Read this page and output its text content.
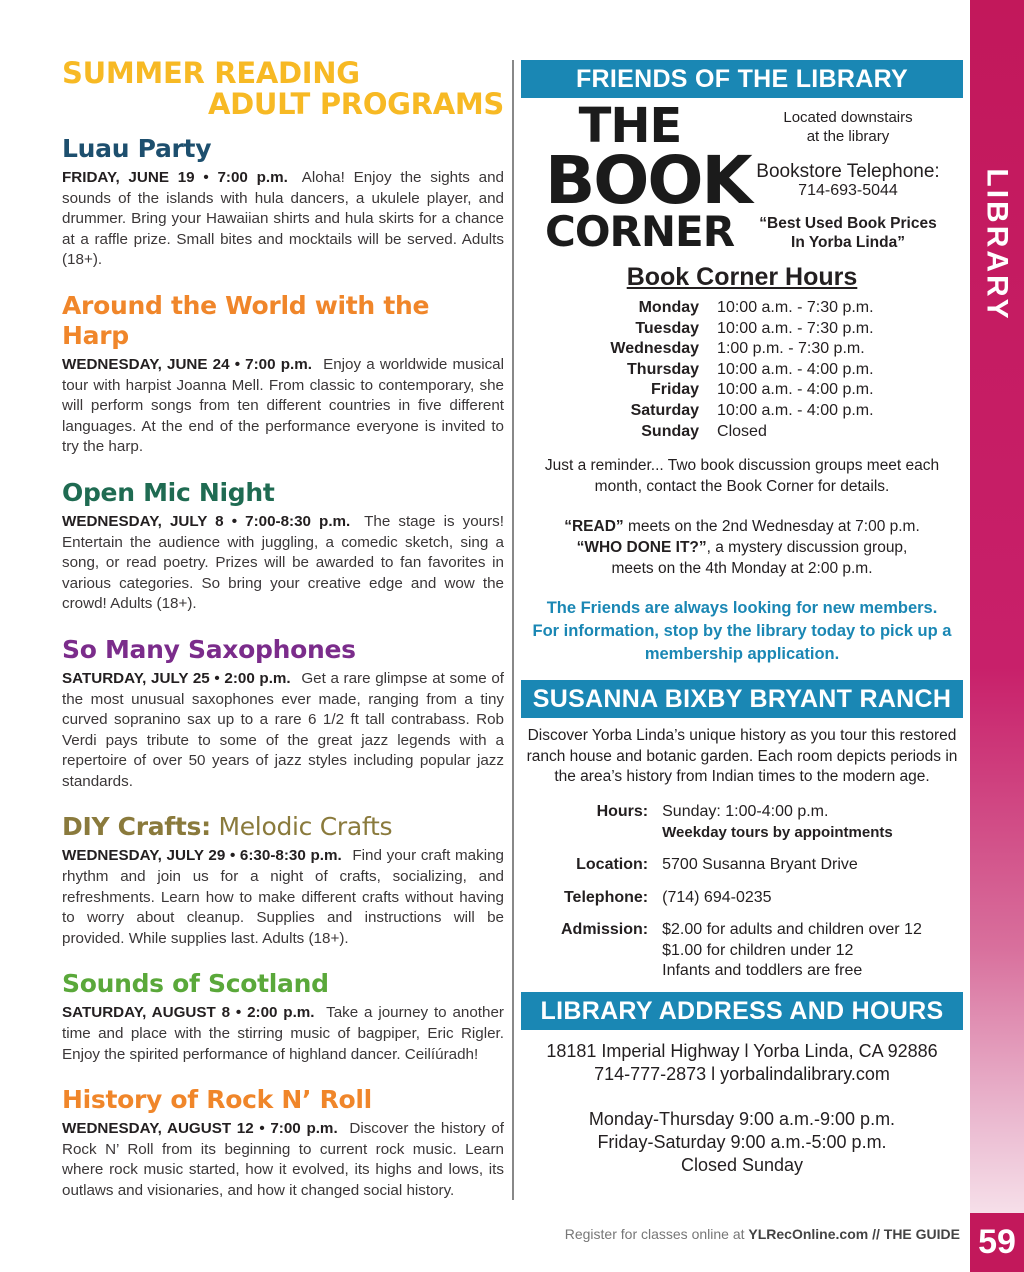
LIBRARY
59
Register for classes online at YLRecOnline.com // THE GUIDE
SUMMER READING
ADULT PROGRAMS
Luau Party

FRIDAY, JUNE 19 • 7:00 p.m. Aloha! Enjoy the sights and sounds of the islands with hula dancers, a ukulele player, and drummer. Bring your Hawaiian shirts and hula skirts for a chance at a raffle prize. Small bites and mocktails will be served. Adults (18+).

Around the World with the Harp

WEDNESDAY, JUNE 24 • 7:00 p.m. Enjoy a worldwide musical tour with harpist Joanna Mell. From classic to contemporary, she will perform songs from ten different countries in five different languages. At the end of the performance everyone is invited to try the harp.

Open Mic Night

WEDNESDAY, JULY 8 • 7:00-8:30 p.m. The stage is yours! Entertain the audience with juggling, a comedic sketch, sing a song, or read poetry. Prizes will be awarded to fan favorites in various categories. So bring your creative edge and wow the crowd! Adults (18+).

So Many Saxophones

SATURDAY, JULY 25 • 2:00 p.m. Get a rare glimpse at some of the most unusual saxophones ever made, ranging from a tiny curved sopranino sax up to a rare 6 1/2 ft tall contrabass. Rob Verdi pays tribute to some of the great jazz legends with a repertoire of over 50 years of jazz styles including popular jazz standards.

DIY Crafts: Melodic Crafts

WEDNESDAY, JULY 29 • 6:30-8:30 p.m. Find your craft making rhythm and join us for a night of crafts, socializing, and refreshments. Learn how to make different crafts without having to worry about cleanup. Supplies and instructions will be provided. While supplies last. Adults (18+).

Sounds of Scotland

SATURDAY, AUGUST 8 • 2:00 p.m. Take a journey to another time and place with the stirring music of bagpiper, Eric Rigler. Enjoy the spirited performance of highland dancer. Ceilíúradh!

History of Rock N’ Roll

WEDNESDAY, AUGUST 12 • 7:00 p.m. Discover the history of Rock N’ Roll from its beginning to current rock music. Learn where rock music started, how it evolved, its highs and lows, its outlaws and visionaries, and how it changed social history.

FRIENDS OF THE LIBRARY
THE
BOOK
CORNER
Located downstairs
at the library
Bookstore Telephone:
714-693-5044
“Best Used Book Prices
In Yorba Linda”
Book Corner Hours
Monday	10:00 a.m. - 7:30 p.m.
Tuesday	10:00 a.m. - 7:30 p.m.
Wednesday	1:00 p.m. - 7:30 p.m.
Thursday	10:00 a.m. - 4:00 p.m.
Friday	10:00 a.m. - 4:00 p.m.
Saturday	10:00 a.m. - 4:00 p.m.
Sunday	Closed
Just a reminder... Two book discussion groups meet each month, contact the Book Corner for details.
“READ” meets on the 2nd Wednesday at 7:00 p.m.
“WHO DONE IT?”, a mystery discussion group,
meets on the 4th Monday at 2:00 p.m.
The Friends are always looking for new members.
For information, stop by the library today to pick up a
membership application.
SUSANNA BIXBY BRYANT RANCH
Discover Yorba Linda’s unique history as you tour this restored ranch house and botanic garden. Each room depicts periods in the area’s history from Indian times to the modern age.
Hours:	Sunday: 1:00-4:00 p.m.
Weekday tours by appointments

Location:	5700 Susanna Bryant Drive
Telephone:	(714) 694-0235
Admission:	$2.00 for adults and children over 12
$1.00 for children under 12
Infants and toddlers are free
LIBRARY ADDRESS AND HOURS
18181 Imperial Highway l Yorba Linda, CA 92886
714-777-2873 l yorbalindalibrary.com
Monday-Thursday 9:00 a.m.-9:00 p.m.
Friday-Saturday 9:00 a.m.-5:00 p.m.
Closed Sunday
